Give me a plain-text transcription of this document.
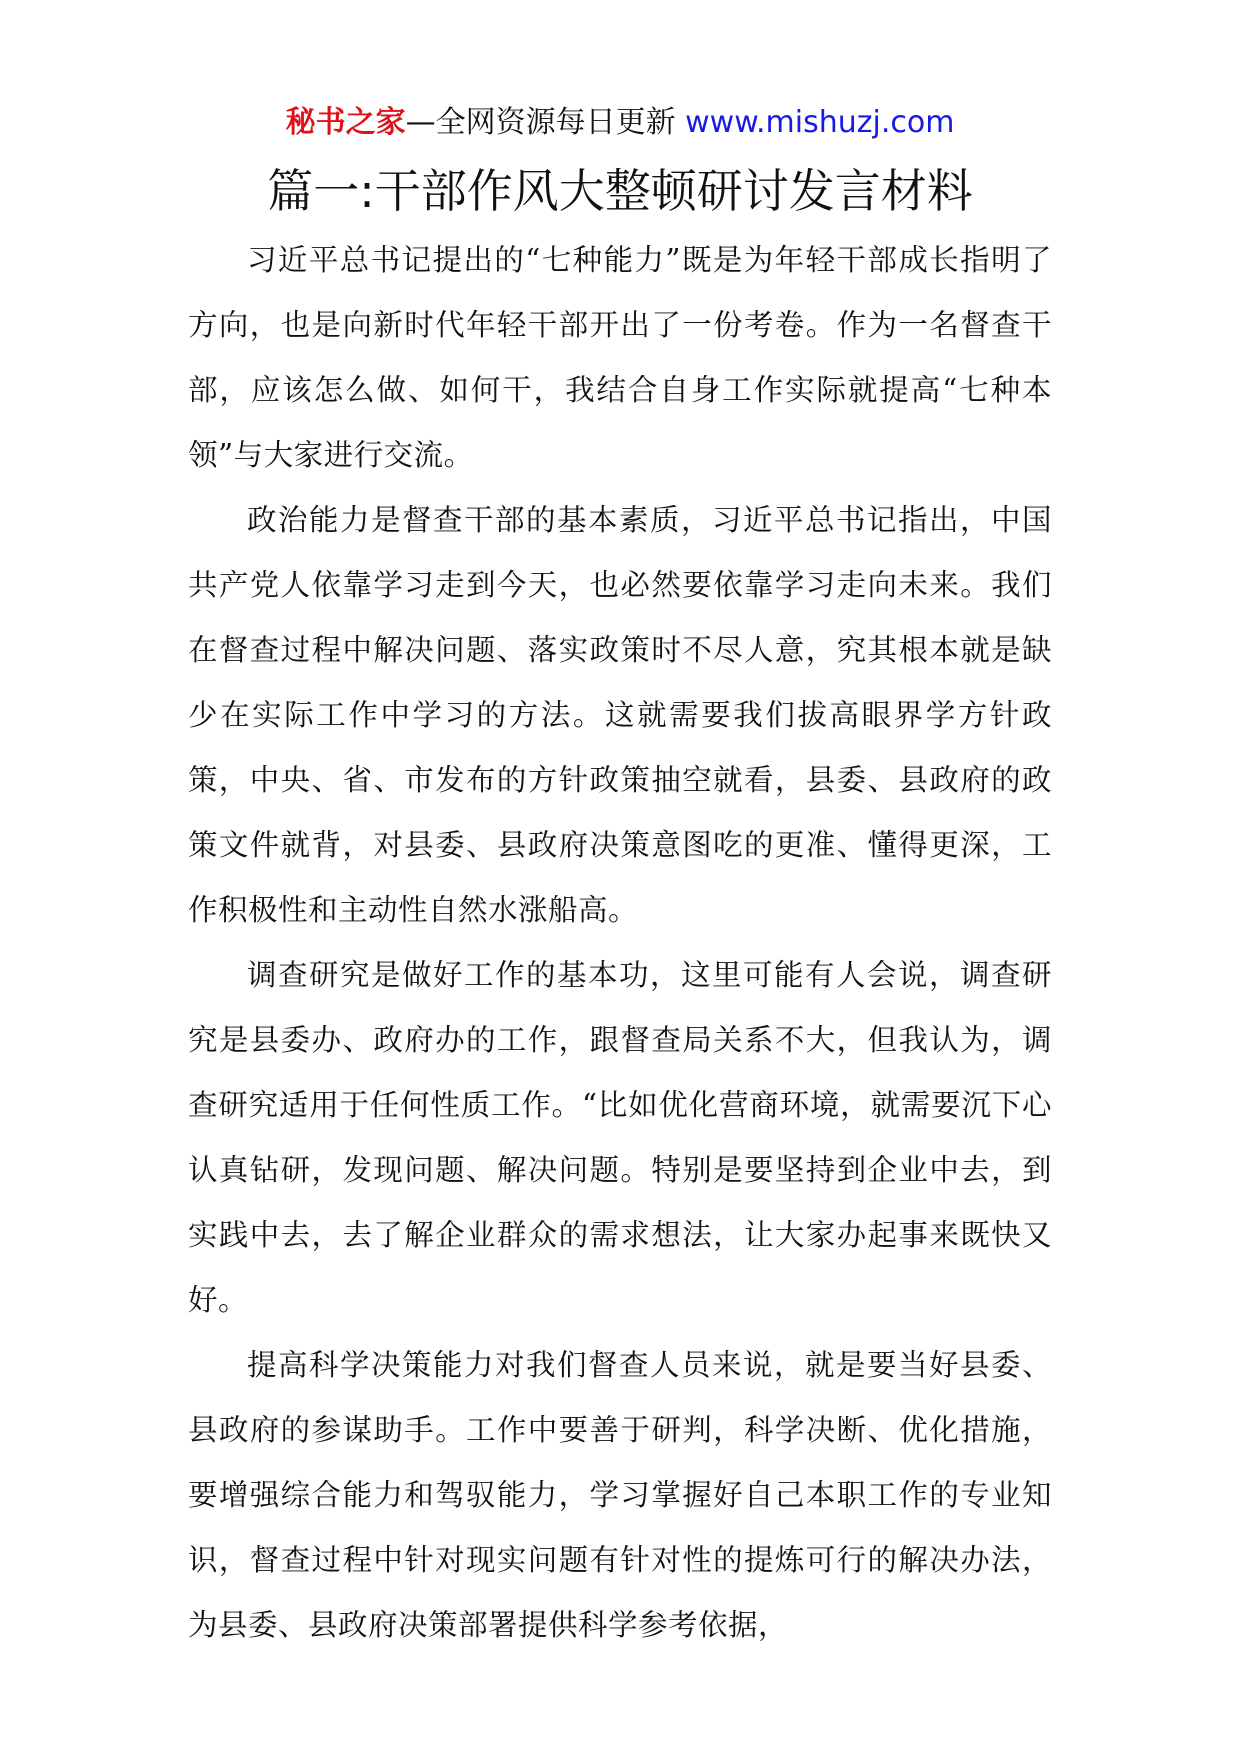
秘书之家—全网资源每日更新 www.mishuzj.com
篇一:干部作风大整顿研讨发言材料

习近平总书记提出的“七种能力”既是为年轻干部成长指明了方向，也是向新时代年轻干部开出了一份考卷。作为一名督查干部，应该怎么做、如何干，我结合自身工作实际就提高“七种本领”与大家进行交流。

政治能力是督查干部的基本素质，习近平总书记指出，中国共产党人依靠学习走到今天，也必然要依靠学习走向未来。我们在督查过程中解决问题、落实政策时不尽人意，究其根本就是缺少在实际工作中学习的方法。这就需要我们拔高眼界学方针政策，中央、省、市发布的方针政策抽空就看，县委、县政府的政策文件就背，对县委、县政府决策意图吃的更准、懂得更深，工作积极性和主动性自然水涨船高。

调查研究是做好工作的基本功，这里可能有人会说，调查研究是县委办、政府办的工作，跟督查局关系不大，但我认为，调查研究适用于任何性质工作。“比如优化营商环境，就需要沉下心认真钻研，发现问题、解决问题。特别是要坚持到企业中去，到实践中去，去了解企业群众的需求想法，让大家办起事来既快又好。

提高科学决策能力对我们督查人员来说，就是要当好县委、县政府的参谋助手。工作中要善于研判，科学决断、优化措施，要增强综合能力和驾驭能力，学习掌握好自己本职工作的专业知识，督查过程中针对现实问题有针对性的提炼可行的解决办法，为县委、县政府决策部署提供科学参考依据，
